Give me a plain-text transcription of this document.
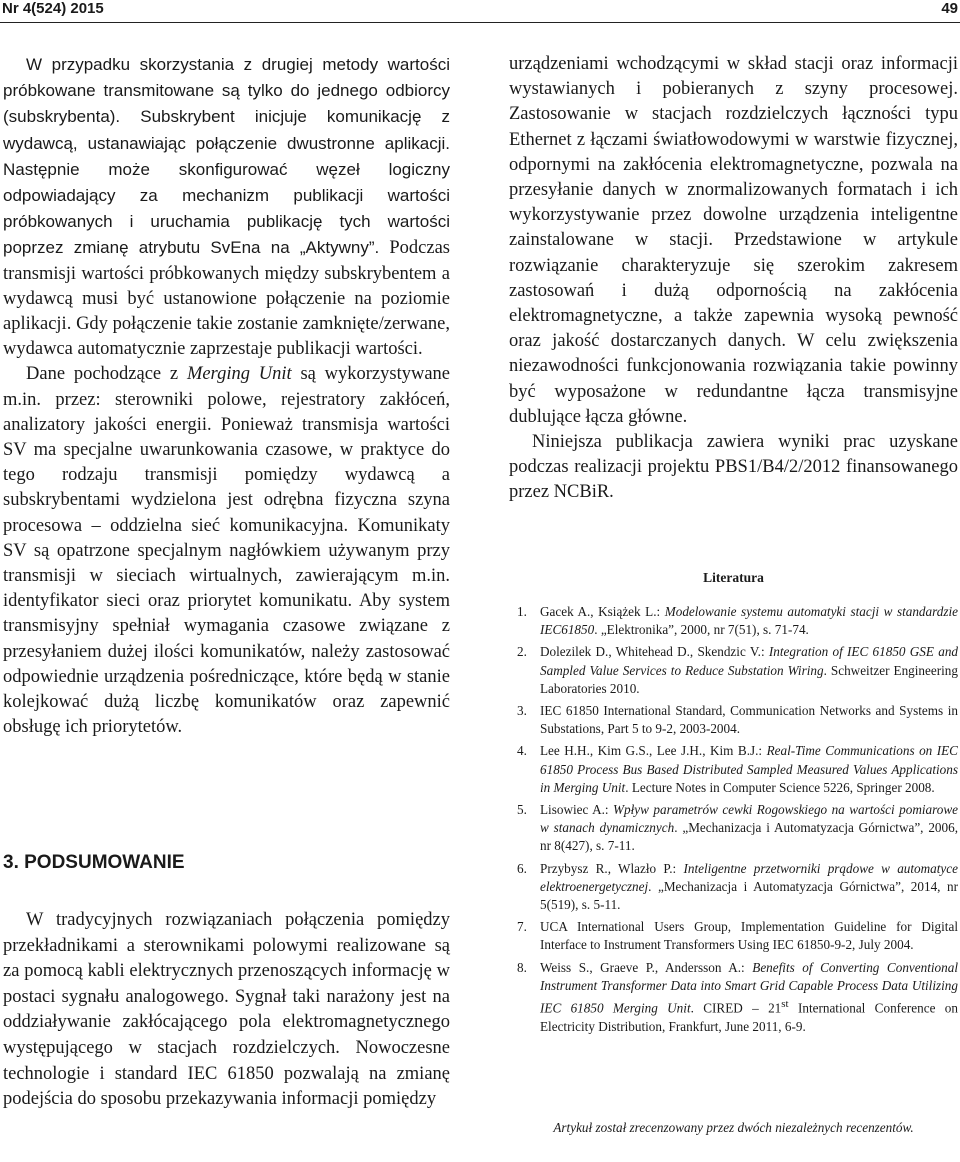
Nr 4(524) 2015	49

W przypadku skorzystania z drugiej metody wartości próbkowane transmitowane są tylko do jednego odbiorcy (subskrybenta). Subskrybent inicjuje komunikację z wydawcą, ustanawiając połączenie dwustronne aplikacji. Następnie może skonfigurować węzeł logiczny odpowiadający za mechanizm publikacji wartości próbkowanych i uruchamia publikację tych wartości poprzez zmianę atrybutu SvEna na „Aktywny”. Podczas transmisji wartości próbkowanych między subskrybentem a wydawcą musi być ustanowione połączenie na poziomie aplikacji. Gdy połączenie takie zostanie zamknięte/zerwane, wydawca automatycznie zaprzestaje publikacji wartości.

Dane pochodzące z Merging Unit są wykorzystywane m.in. przez: sterowniki polowe, rejestratory zakłóceń, analizatory jakości energii. Ponieważ transmisja wartości SV ma specjalne uwarunkowania czasowe, w praktyce do tego rodzaju transmisji pomiędzy wydawcą a subskrybentami wydzielona jest odrębna fizyczna szyna procesowa – oddzielna sieć komunikacyjna. Komunikaty SV są opatrzone specjalnym nagłówkiem używanym przy transmisji w sieciach wirtualnych, zawierającym m.in. identyfikator sieci oraz priorytet komunikatu. Aby system transmisyjny spełniał wymagania czasowe związane z przesyłaniem dużej ilości komunikatów, należy zastosować odpowiednie urządzenia pośredniczące, które będą w stanie kolejkować dużą liczbę komunikatów oraz zapewnić obsługę ich priorytetów.

3. PODSUMOWANIE

W tradycyjnych rozwiązaniach połączenia pomiędzy przekładnikami a sterownikami polowymi realizowane są za pomocą kabli elektrycznych przenoszących informację w postaci sygnału analogowego. Sygnał taki narażony jest na oddziaływanie zakłócającego pola elektromagnetycznego występującego w stacjach rozdzielczych. Nowoczesne technologie i standard IEC 61850 pozwalają na zmianę podejścia do sposobu przekazywania informacji pomiędzy

urządzeniami wchodzącymi w skład stacji oraz informacji wystawianych i pobieranych z szyny procesowej. Zastosowanie w stacjach rozdzielczych łączności typu Ethernet z łączami światłowodowymi w warstwie fizycznej, odpornymi na zakłócenia elektromagnetyczne, pozwala na przesyłanie danych w znormalizowanych formatach i ich wykorzystywanie przez dowolne urządzenia inteligentne zainstalowane w stacji. Przedstawione w artykule rozwiązanie charakteryzuje się szerokim zakresem zastosowań i dużą odpornością na zakłócenia elektromagnetyczne, a także zapewnia wysoką pewność oraz jakość dostarczanych danych. W celu zwiększenia niezawodności funkcjonowania rozwiązania takie powinny być wyposażone w redundantne łącza transmisyjne dublujące łącza główne.

Niniejsza publikacja zawiera wyniki prac uzyskane podczas realizacji projektu PBS1/B4/2/2012 finansowanego przez NCBiR.

Literatura
1. Gacek A., Książek L.: Modelowanie systemu automatyki stacji w standardzie IEC61850. „Elektronika”, 2000, nr 7(51), s. 71-74.
2. Dolezilek D., Whitehead D., Skendzic V.: Integration of IEC 61850 GSE and Sampled Value Services to Reduce Substation Wiring. Schweitzer Engineering Laboratories 2010.
3. IEC 61850 International Standard, Communication Networks and Systems in Substations, Part 5 to 9-2, 2003-2004.
4. Lee H.H., Kim G.S., Lee J.H., Kim B.J.: Real-Time Communications on IEC 61850 Process Bus Based Distributed Sampled Measured Values Applications in Merging Unit. Lecture Notes in Computer Science 5226, Springer 2008.
5. Lisowiec A.: Wpływ parametrów cewki Rogowskiego na wartości pomiarowe w stanach dynamicznych. „Mechanizacja i Automatyzacja Górnictwa”, 2006, nr 8(427), s. 7-11.
6. Przybysz R., Wlazło P.: Inteligentne przetworniki prądowe w automatyce elektroenergetycznej. „Mechanizacja i Automatyzacja Górnictwa”, 2014, nr 5(519), s. 5-11.
7. UCA International Users Group, Implementation Guideline for Digital Interface to Instrument Transformers Using IEC 61850-9-2, July 2004.
8. Weiss S., Graeve P., Andersson A.: Benefits of Converting Conventional Instrument Transformer Data into Smart Grid Capable Process Data Utilizing IEC 61850 Merging Unit. CIRED – 21st International Conference on Electricity Distribution, Frankfurt, June 2011, 6-9.

Artykuł został zrecenzowany przez dwóch niezależnych recenzentów.
